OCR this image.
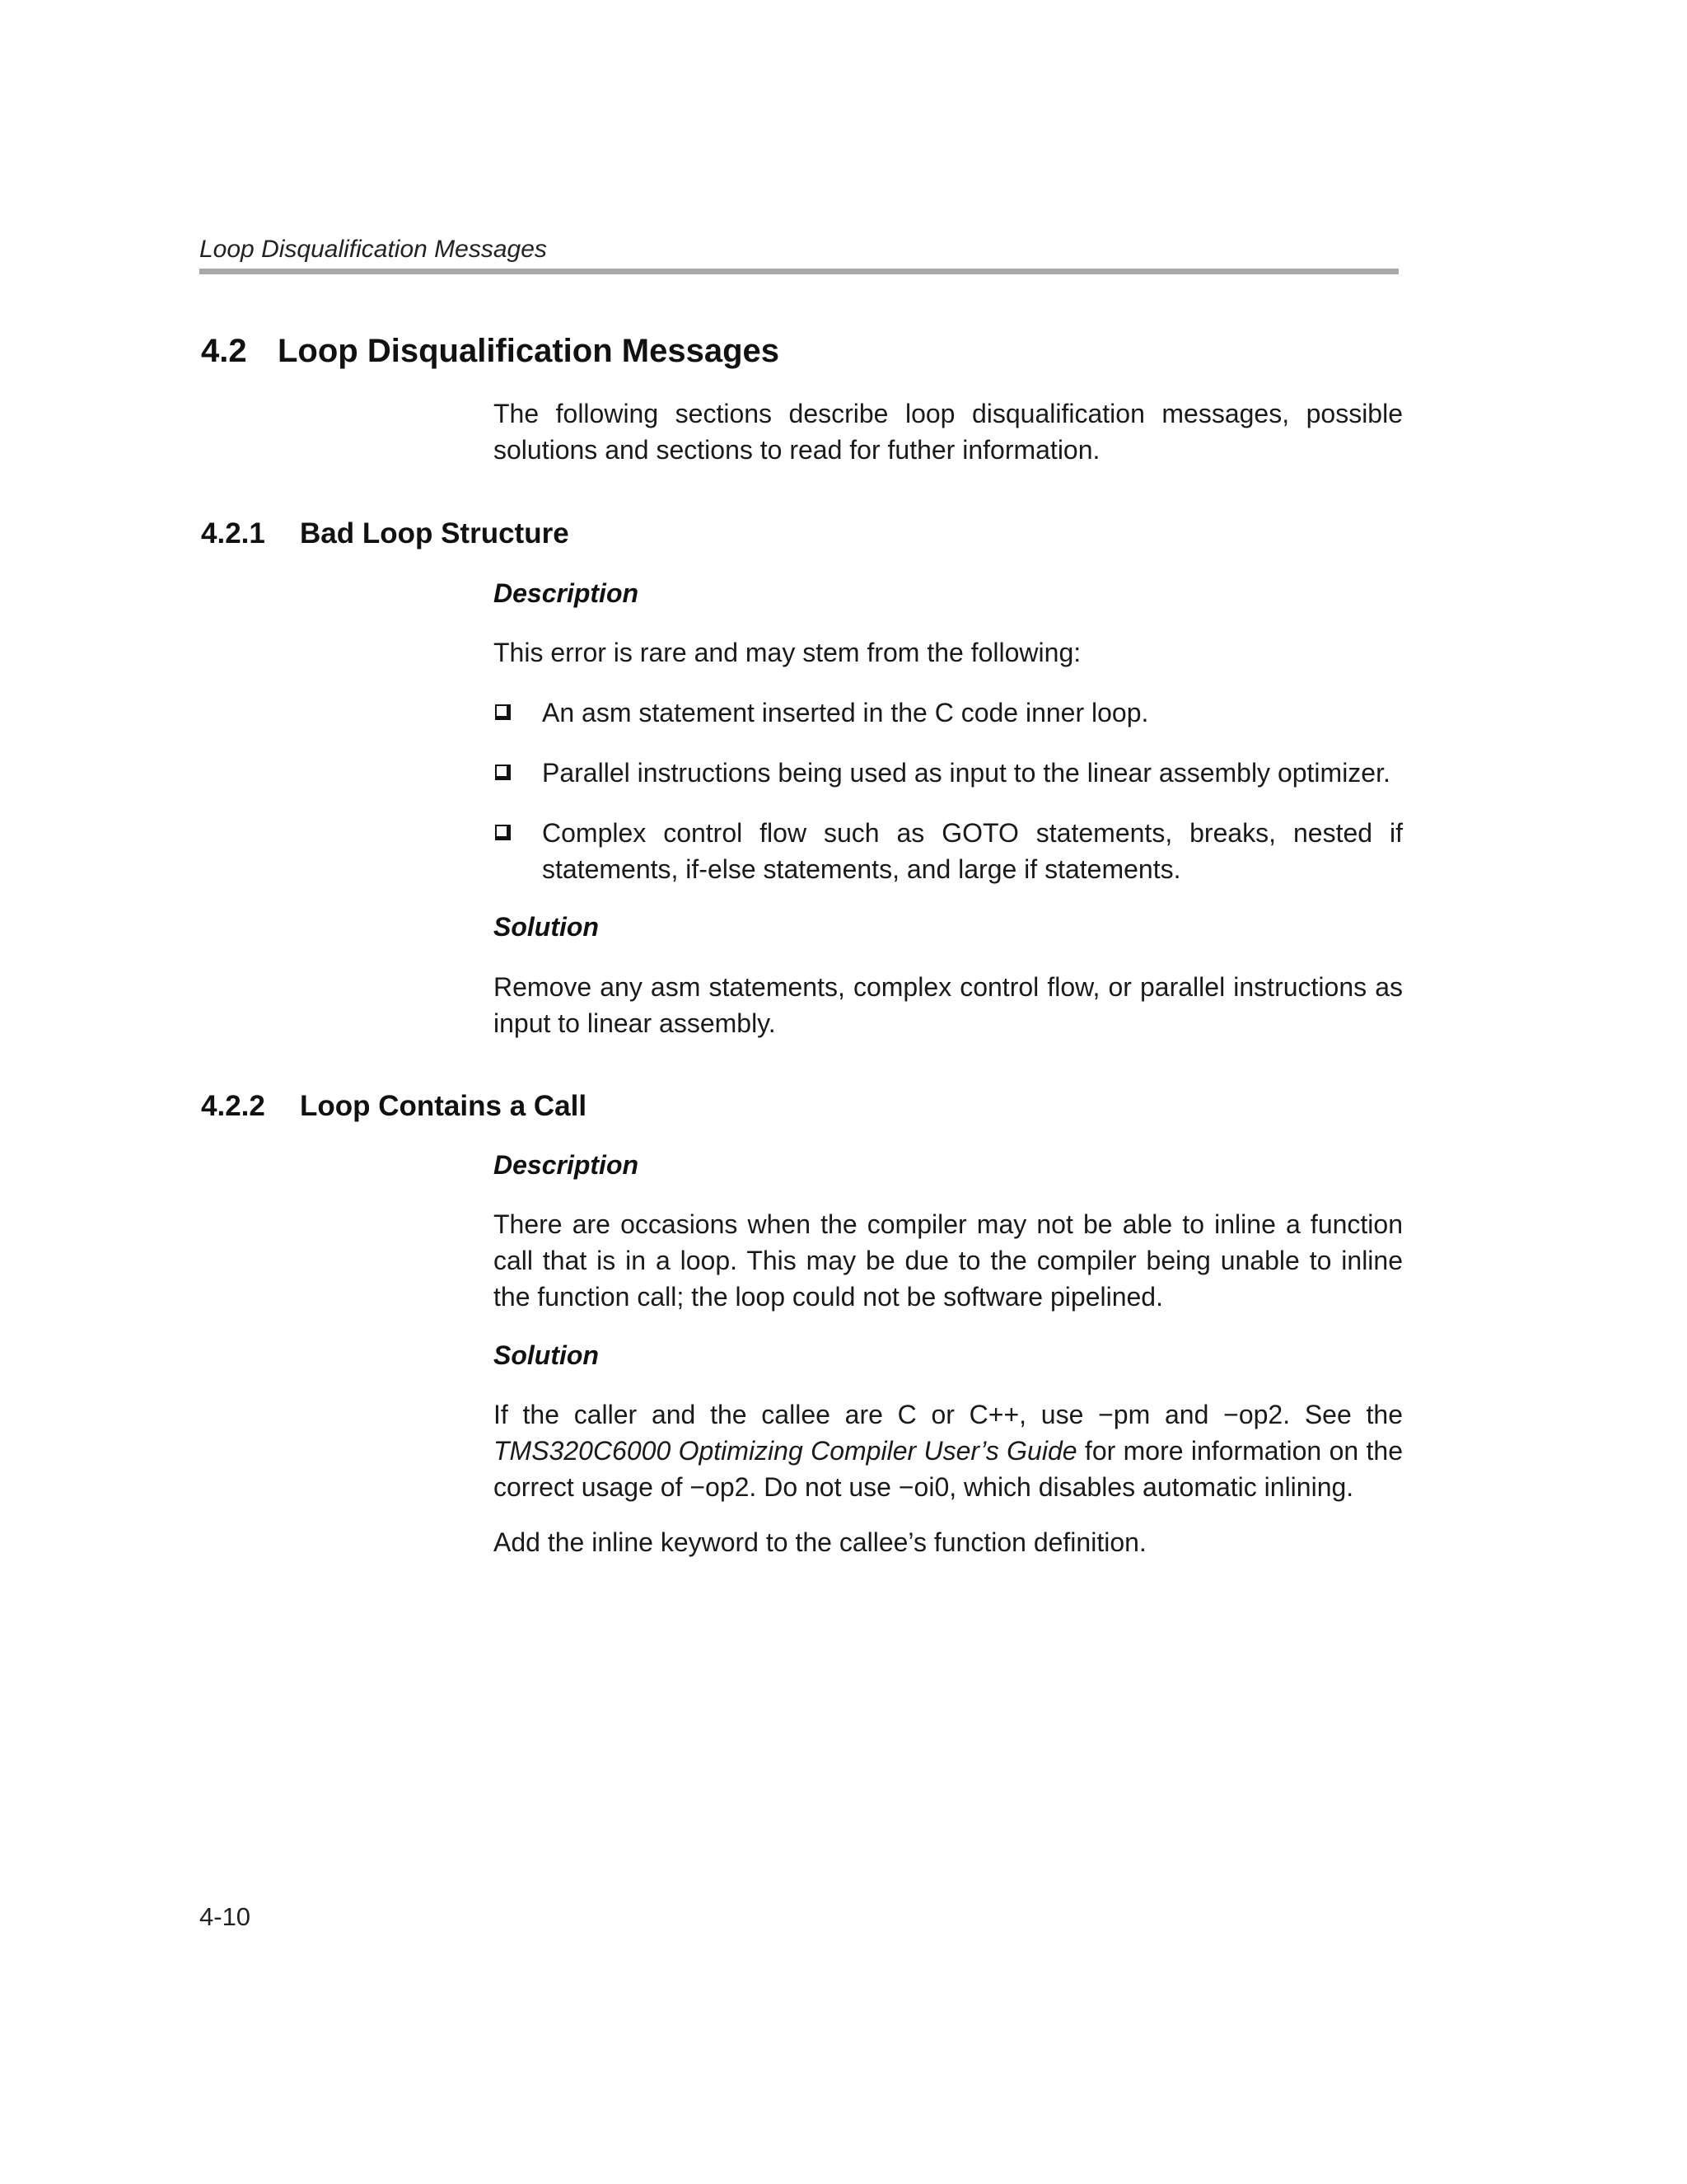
Loop Disqualification Messages
4.2 Loop Disqualification Messages
The following sections describe loop disqualification messages, possible solutions and sections to read for futher information.
4.2.1 Bad Loop Structure
Description
This error is rare and may stem from the following:
An asm statement inserted in the C code inner loop.
Parallel instructions being used as input to the linear assembly optimizer.
Complex control flow such as GOTO statements, breaks, nested if statements, if-else statements, and large if statements.
Solution
Remove any asm statements, complex control flow, or parallel instructions as input to linear assembly.
4.2.2 Loop Contains a Call
Description
There are occasions when the compiler may not be able to inline a function call that is in a loop. This may be due to the compiler being unable to inline the function call; the loop could not be software pipelined.
Solution
If the caller and the callee are C or C++, use −pm and −op2. See the TMS320C6000 Optimizing Compiler User’s Guide for more information on the correct usage of −op2. Do not use −oi0, which disables automatic inlining.
Add the inline keyword to the callee’s function definition.
4-10
